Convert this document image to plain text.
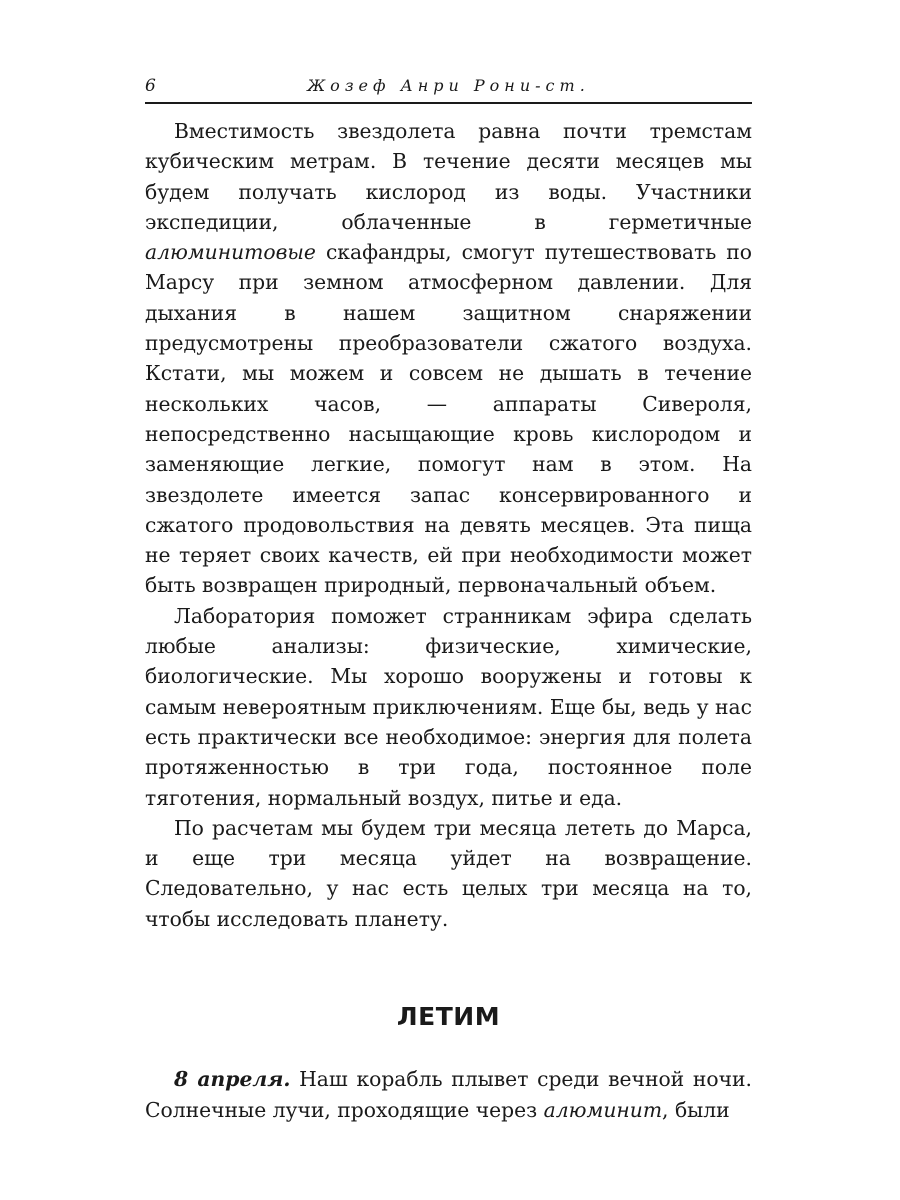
6	Жозеф Анри Рони-ст.

Вместимость звездолета равна почти тремстам кубическим метрам. В течение десяти месяцев мы будем получать кислород из воды. Участники экспедиции, облаченные в герметичные алюминитовые скафандры, смогут путешествовать по Марсу при земном атмосферном давлении. Для дыхания в нашем защитном снаряжении предусмотрены преобразователи сжатого воздуха. Кстати, мы можем и совсем не дышать в течение нескольких часов, — аппараты Сивероля, непосредственно насыщающие кровь кислородом и заменяющие легкие, помогут нам в этом. На звездолете имеется запас консервированного и сжатого продовольствия на девять месяцев. Эта пища не теряет своих качеств, ей при необходимости может быть возвращен природный, первоначальный объем.

Лаборатория поможет странникам эфира сделать любые анализы: физические, химические, биологические. Мы хорошо вооружены и готовы к самым невероятным приключениям. Еще бы, ведь у нас есть практически все необходимое: энергия для полета протяженностью в три года, постоянное поле тяготения, нормальный воздух, питье и еда.

По расчетам мы будем три месяца лететь до Марса, и еще три месяца уйдет на возвращение. Следовательно, у нас есть целых три месяца на то, чтобы исследовать планету.

ЛЕТИМ

8 апреля. Наш корабль плывет среди вечной ночи. Солнечные лучи, проходящие через алюминит, были
